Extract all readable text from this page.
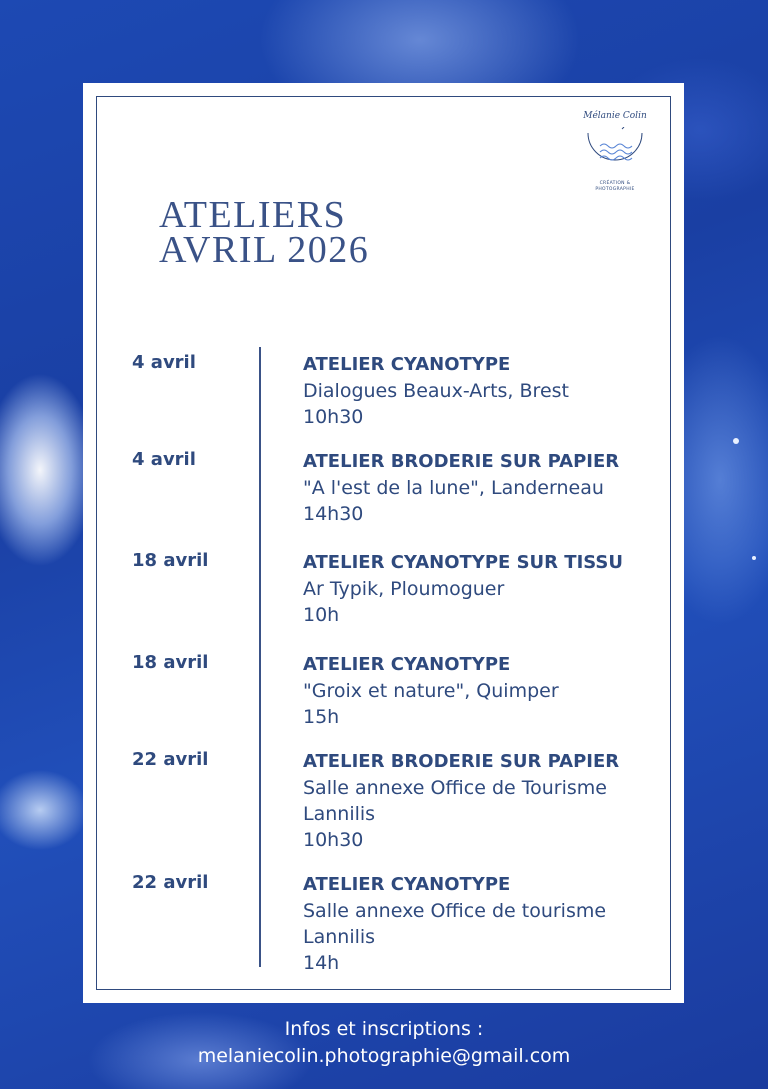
Mélanie Colin
CRÉATION & PHOTOGRAPHIE
ATELIERS
AVRIL 2026
4 avril	ATELIER CYANOTYPE
Dialogues Beaux-Arts, Brest
10h30
4 avril	ATELIER BRODERIE SUR PAPIER
"A l'est de la lune", Landerneau
14h30
18 avril	ATELIER CYANOTYPE SUR TISSU
Ar Typik, Ploumoguer
10h
18 avril	ATELIER CYANOTYPE
"Groix et nature", Quimper
15h
22 avril	ATELIER BRODERIE SUR PAPIER
Salle annexe Office de Tourisme
Lannilis
10h30
22 avril	ATELIER CYANOTYPE
Salle annexe Office de tourisme
Lannilis
14h
Infos et inscriptions :
melaniecolin.photographie@gmail.com
